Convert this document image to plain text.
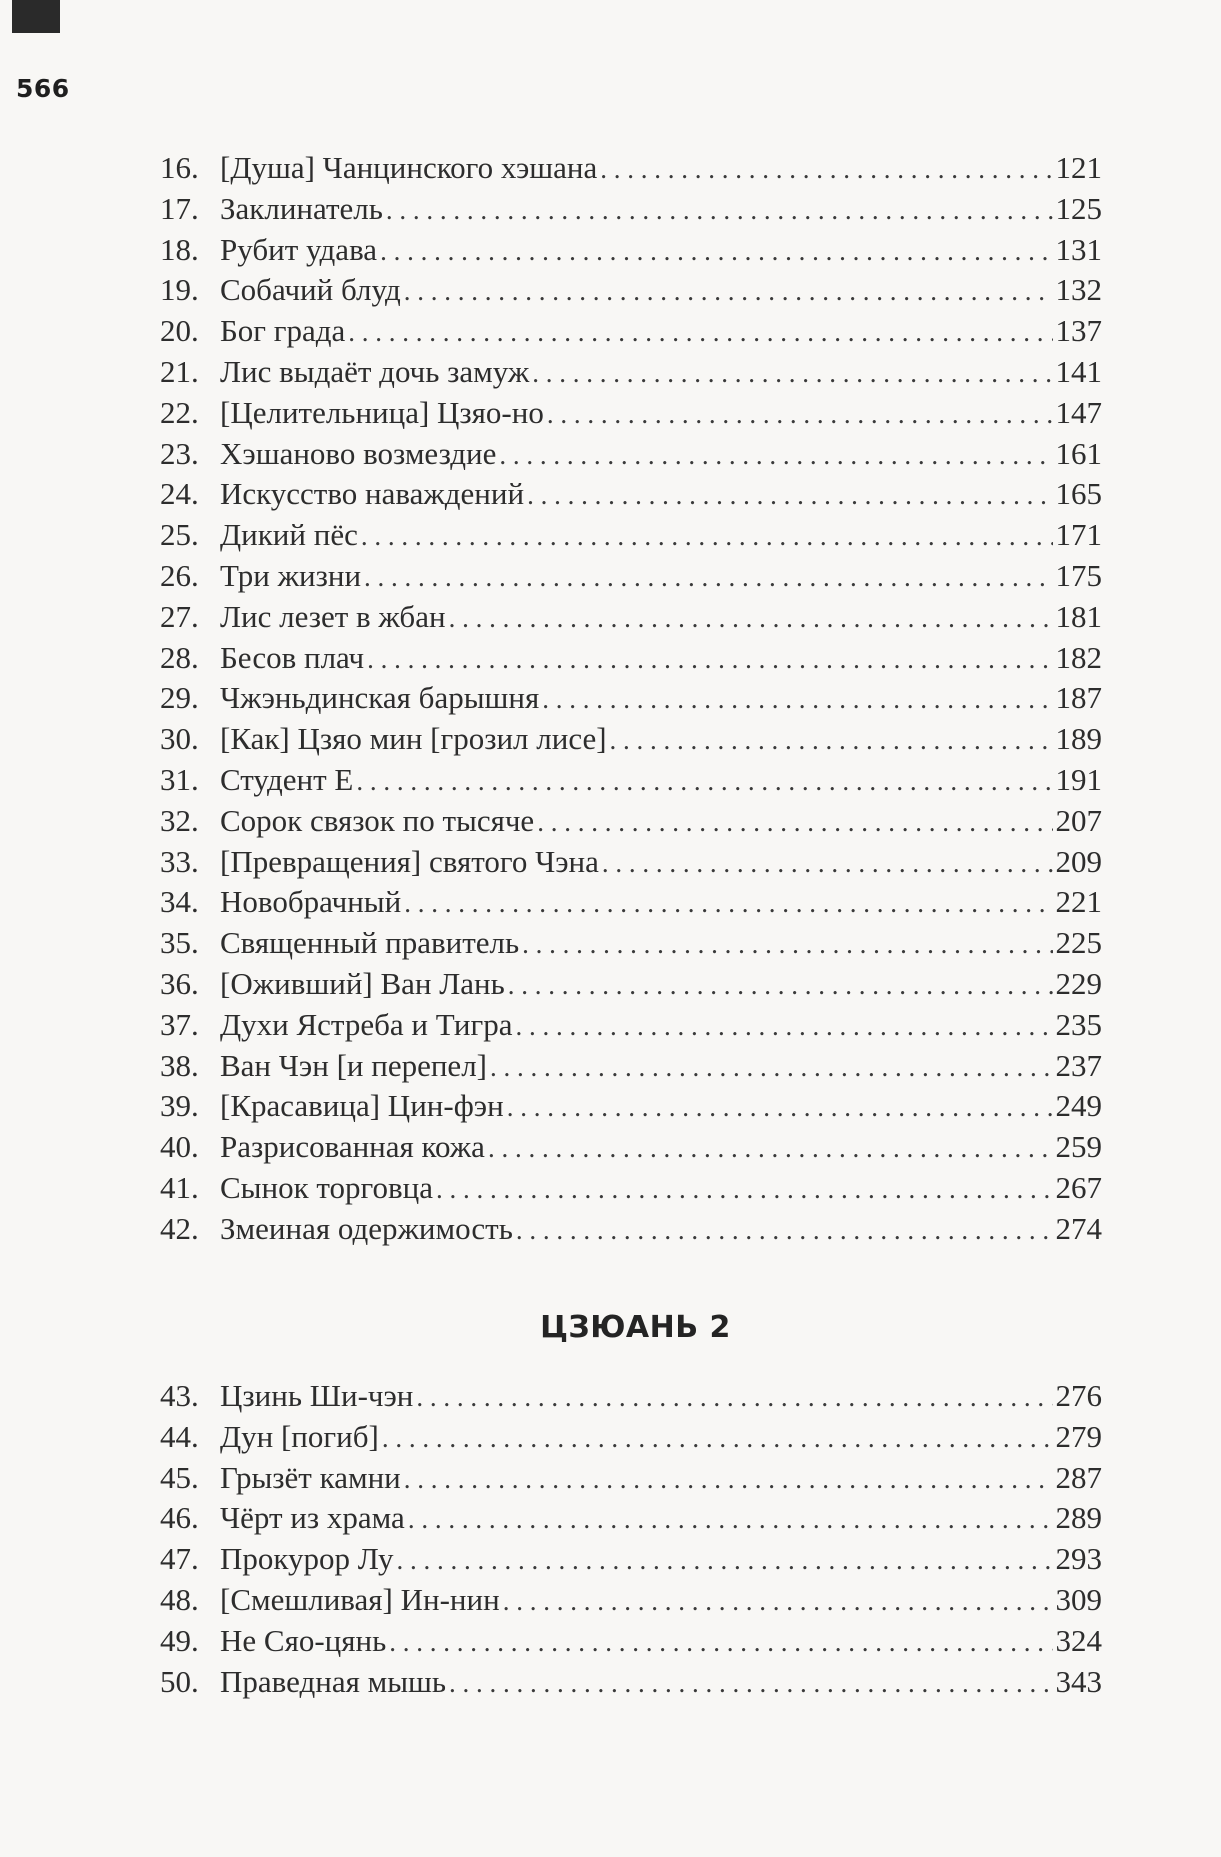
566
16. [Душа] Чанцинского хэшана . . .	121
17. Заклинатель . . .	125
18. Рубит удава . . .	131
19. Собачий блуд . . .	132
20. Бог града . . .	137
21. Лис выдаёт дочь замуж . . .	141
22. [Целительница] Цзяо-но . . .	147
23. Хэшаново возмездие . . .	161
24. Искусство наваждений . . .	165
25. Дикий пёс . . .	171
26. Три жизни . . .	175
27. Лис лезет в жбан . . .	181
28. Бесов плач . . .	182
29. Чжэньдинская барышня . . .	187
30. [Как] Цзяо мин [грозил лисе] . . .	189
31. Студент Е . . .	191
32. Сорок связок по тысяче . . .	207
33. [Превращения] святого Чэна . . .	209
34. Новобрачный . . .	221
35. Священный правитель . . .	225
36. [Оживший] Ван Лань . . .	229
37. Духи Ястреба и Тигра . . .	235
38. Ван Чэн [и перепел] . . .	237
39. [Красавица] Цин-фэн . . .	249
40. Разрисованная кожа . . .	259
41. Сынок торговца . . .	267
42. Змеиная одержимость . . .	274
ЦЗЮАНЬ 2
43. Цзинь Ши-чэн . . .	276
44. Дун [погиб] . . .	279
45. Грызёт камни . . .	287
46. Чёрт из храма . . .	289
47. Прокурор Лу . . .	293
48. [Смешливая] Ин-нин . . .	309
49. Не Сяо-цянь . . .	324
50. Праведная мышь . . .	343
